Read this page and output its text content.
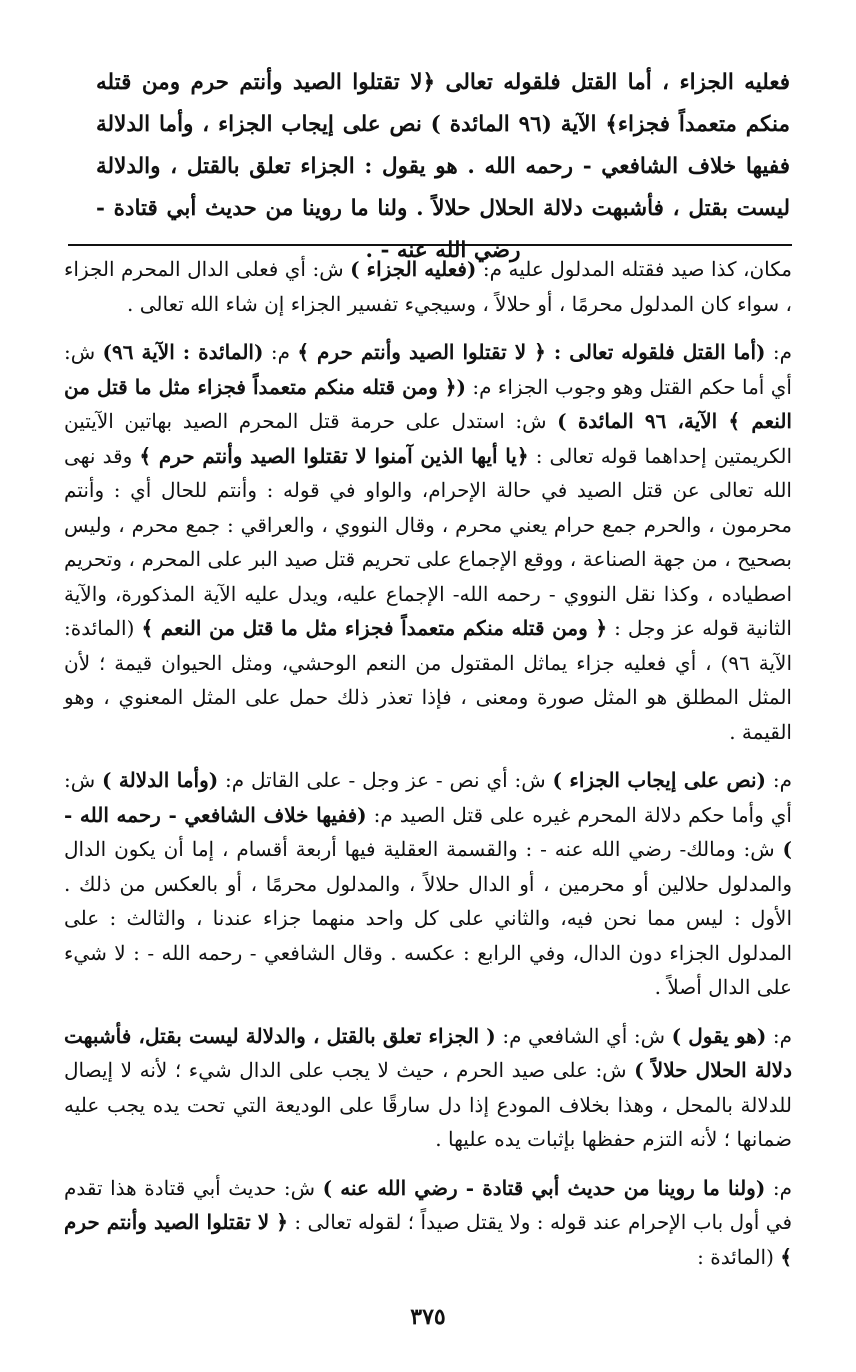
فعليه الجزاء ، أما القتل فلقوله تعالى ﴿لا تقتلوا الصيد وأنتم حرم ومن قتله منكم متعمداً فجزاء﴾ الآية (٩٦ المائدة ) نص على إيجاب الجزاء ، وأما الدلالة ففيها خلاف الشافعي - رحمه الله . هو يقول : الجزاء تعلق بالقتل ، والدلالة ليست بقتل ، فأشبهت دلالة الحلال حلالاً . ولنا ما روينا من حديث أبي قتادة - رضي الله عنه - .

مكان، كذا صيد فقتله المدلول عليه م: (فعليه الجزاء ) ش: أي فعلى الدال المحرم الجزاء ، سواء كان المدلول محرمًا ، أو حلالاً ، وسيجيء تفسير الجزاء إن شاء الله تعالى .

م: (أما القتل فلقوله تعالى : ﴿ لا تقتلوا الصيد وأنتم حرم ﴾ م: (المائدة : الآية ٩٦) ش: أي أما حكم القتل وهو وجوب الجزاء م: (﴿ ومن قتله منكم متعمداً فجزاء مثل ما قتل من النعم ﴾ الآية، ٩٦ المائدة ) ش: استدل على حرمة قتل المحرم الصيد بهاتين الآيتين الكريمتين إحداهما قوله تعالى : ﴿يا أيها الذين آمنوا لا تقتلوا الصيد وأنتم حرم ﴾ وقد نهى الله تعالى عن قتل الصيد في حالة الإحرام، والواو في قوله : وأنتم للحال أي : وأنتم محرمون ، والحرم جمع حرام يعني محرم ، وقال النووي ، والعراقي : جمع محرم ، وليس بصحيح ، من جهة الصناعة ، ووقع الإجماع على تحريم قتل صيد البر على المحرم ، وتحريم اصطياده ، وكذا نقل النووي - رحمه الله- الإجماع عليه، ويدل عليه الآية المذكورة، والآية الثانية قوله عز وجل : ﴿ ومن قتله منكم متعمداً فجزاء مثل ما قتل من النعم ﴾ (المائدة: الآية ٩٦) ، أي فعليه جزاء يماثل المقتول من النعم الوحشي، ومثل الحيوان قيمة ؛ لأن المثل المطلق هو المثل صورة ومعنى ، فإذا تعذر ذلك حمل على المثل المعنوي ، وهو القيمة .

م: (نص على إيجاب الجزاء ) ش: أي نص - عز وجل - على القاتل م: (وأما الدلالة ) ش: أي وأما حكم دلالة المحرم غيره على قتل الصيد م: (ففيها خلاف الشافعي - رحمه الله - ) ش: ومالك- رضي الله عنه - : والقسمة العقلية فيها أربعة أقسام ، إما أن يكون الدال والمدلول حلالين أو محرمين ، أو الدال حلالاً ، والمدلول محرمًا ، أو بالعكس من ذلك . الأول : ليس مما نحن فيه، والثاني على كل واحد منهما جزاء عندنا ، والثالث : على المدلول الجزاء دون الدال، وفي الرابع : عكسه . وقال الشافعي - رحمه الله - : لا شيء على الدال أصلاً .

م: (هو يقول ) ش: أي الشافعي م: ( الجزاء تعلق بالقتل ، والدلالة ليست بقتل، فأشبهت دلالة الحلال حلالاً ) ش: على صيد الحرم ، حيث لا يجب على الدال شيء ؛ لأنه لا إيصال للدلالة بالمحل ، وهذا بخلاف المودع إذا دل سارقًا على الوديعة التي تحت يده يجب عليه ضمانها ؛ لأنه التزم حفظها بإثبات يده عليها .

م: (ولنا ما روينا من حديث أبي قتادة - رضي الله عنه ) ش: حديث أبي قتادة هذا تقدم في أول باب الإحرام عند قوله : ولا يقتل صيداً ؛ لقوله تعالى : ﴿ لا تقتلوا الصيد وأنتم حرم ﴾ (المائدة :

٣٧٥
